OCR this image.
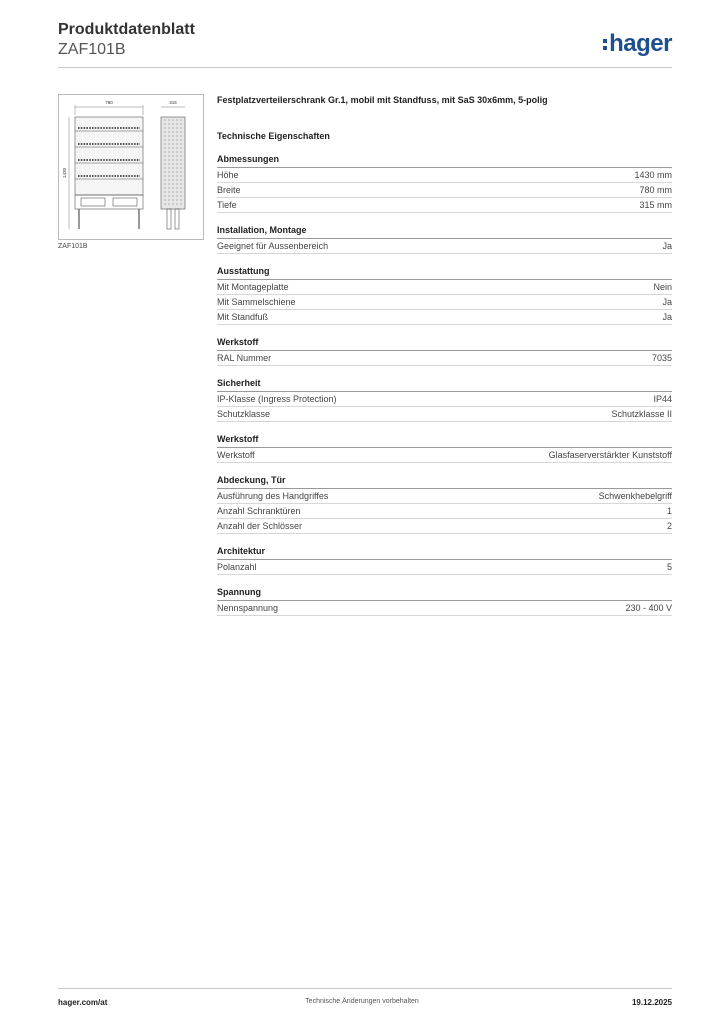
Produktdatenblatt
ZAF101B	hager
780	315
1430
ZAF101B
Festplatzverteilerschrank Gr.1, mobil mit Standfuss, mit SaS 30x6mm, 5-polig
Technische Eigenschaften
Abmessungen
Höhe	1430 mm
Breite	780 mm
Tiefe	315 mm
Installation, Montage
Geeignet für Aussenbereich	Ja
Ausstattung
Mit Montageplatte	Nein
Mit Sammelschiene	Ja
Mit Standfuß	Ja
Werkstoff
RAL Nummer	7035
Sicherheit
IP-Klasse (Ingress Protection)	IP44
Schutzklasse	Schutzklasse II
Werkstoff
Werkstoff	Glasfaserverstärkter Kunststoff
Abdeckung, Tür
Ausführung des Handgriffes	Schwenkhebelgriff
Anzahl Schranktüren	1
Anzahl der Schlösser	2
Architektur
Polanzahl	5
Spannung
Nennspannung	230 - 400 V
hager.com/at	Technische Änderungen vorbehalten	19.12.2025
